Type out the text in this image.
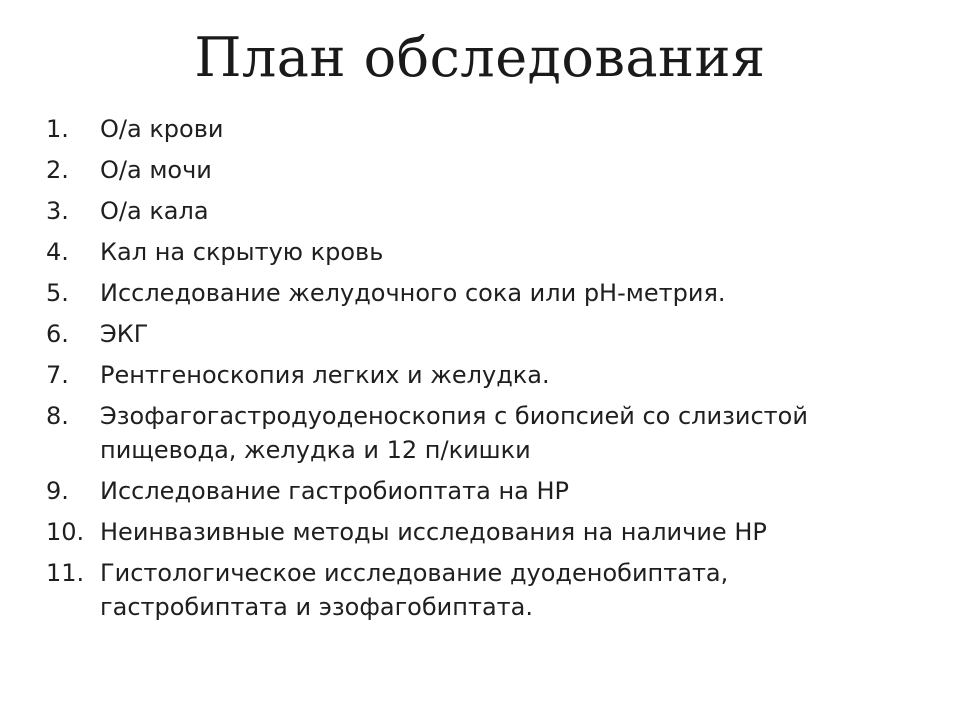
План обследования
1.	О/а крови
2.	О/а мочи
3.	О/а кала
4.	Кал на скрытую кровь
5.	Исследование желудочного сока или рН-метрия.
6.	ЭКГ
7.	Рентгеноскопия легких и желудка.
8.	Эзофагогастродуоденоскопия с биопсией со слизистой пищевода, желудка и 12 п/кишки
9.	Исследование гастробиоптата на НР
10. Неинвазивные методы исследования на наличие НР
11. Гистологическое исследование дуоденобиптата, гастробиптата и эзофагобиптата.
